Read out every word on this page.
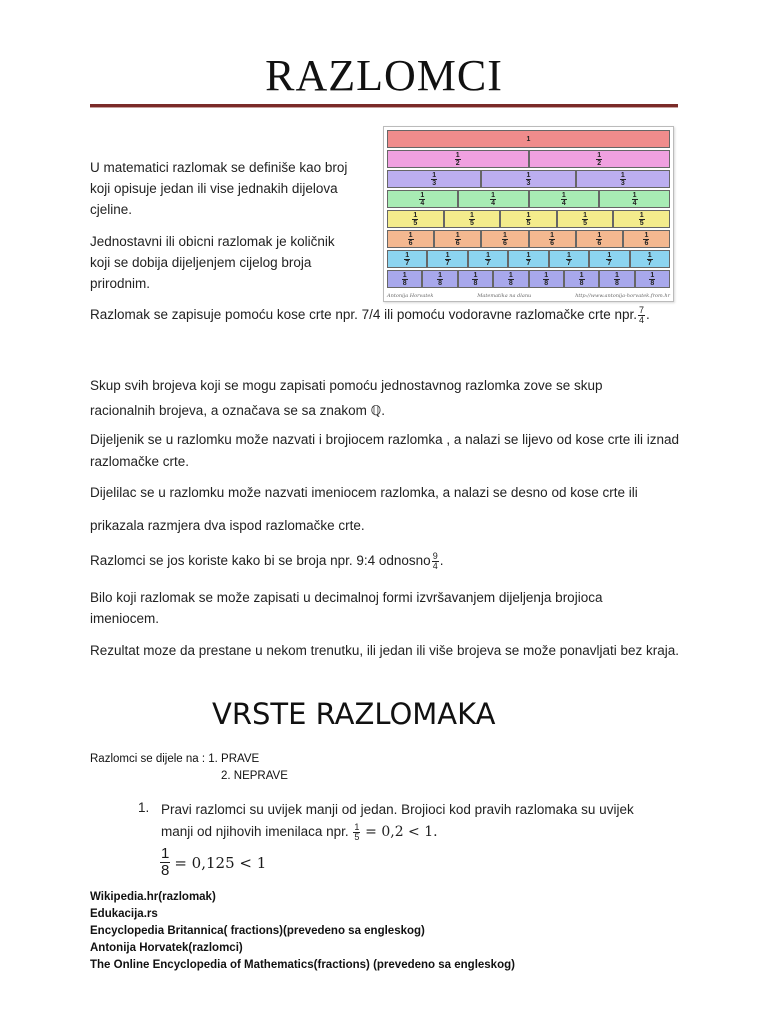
RAZLOMCI
U matematici razlomak se definiše kao broj koji opisuje jedan ili vise jednakih dijelova cjeline.
Jednostavni ili obicni razlomak je količnik koji se dobija dijeljenjem cijelog broja prirodnim.
1
$\frac{1}{2}$	$\frac{1}{2}$
$\frac{1}{3}$	$\frac{1}{3}$	$\frac{1}{3}$
$\frac{1}{4}$	$\frac{1}{4}$	$\frac{1}{4}$	$\frac{1}{4}$
$\frac{1}{5}$	$\frac{1}{5}$	$\frac{1}{5}$	$\frac{1}{5}$	$\frac{1}{5}$
$\frac{1}{6}$	$\frac{1}{6}$	$\frac{1}{6}$	$\frac{1}{6}$	$\frac{1}{6}$	$\frac{1}{6}$
$\frac{1}{7}$	$\frac{1}{7}$	$\frac{1}{7}$	$\frac{1}{7}$	$\frac{1}{7}$	$\frac{1}{7}$	$\frac{1}{7}$
$\frac{1}{8}$	$\frac{1}{8}$	$\frac{1}{8}$	$\frac{1}{8}$	$\frac{1}{8}$	$\frac{1}{8}$	$\frac{1}{8}$	$\frac{1}{8}$
Antonija Horvatek	Matematika na dlanu	http://www.antonija-horvatek.from.hr
Razlomak se zapisuje pomoću kose crte npr. 7/4 ili pomoću vodoravne razlomačke crte npr. $\frac{7}{4}$ .
Skup svih brojeva koji se mogu zapisati pomoću jednostavnog razlomka zove se skup racionalnih brojeva, a označava se sa znakom ℚ.
Dijeljenik se u razlomku može nazvati i brojiocem razlomka , a nalazi se lijevo od kose crte ili iznad razlomačke crte.
Dijelilac se u razlomku može nazvati imeniocem razlomka, a nalazi se desno od kose crte ili
prikazala razmjera dva ispod razlomačke crte.
Razlomci se jos koriste kako bi se broja npr. 9:4 odnosno $\frac{9}{4}$ .
Bilo koji razlomak se može zapisati u decimalnoj formi izvršavanjem dijeljenja brojioca imeniocem.
Rezultat moze da prestane u nekom trenutku, ili jedan ili više brojeva se može ponavljati bez kraja.
VRSTE RAZLOMAKA
Razlomci se dijele na : 1. PRAVE
2. NEPRAVE
1. Pravi razlomci su uvijek manji od jedan. Brojioci kod pravih razlomaka su uvijek
manji od njihovih imenilaca npr. $\frac{1}{5} = 0,2 < 1$.
$\frac{1}{8} = 0,125 < 1$
Wikipedia.hr(razlomak)
Edukacija.rs
Encyclopedia Britannica( fractions)(prevedeno sa engleskog)
Antonija Horvatek(razlomci)
The Online Encyclopedia of Mathematics(fractions) (prevedeno sa engleskog)
